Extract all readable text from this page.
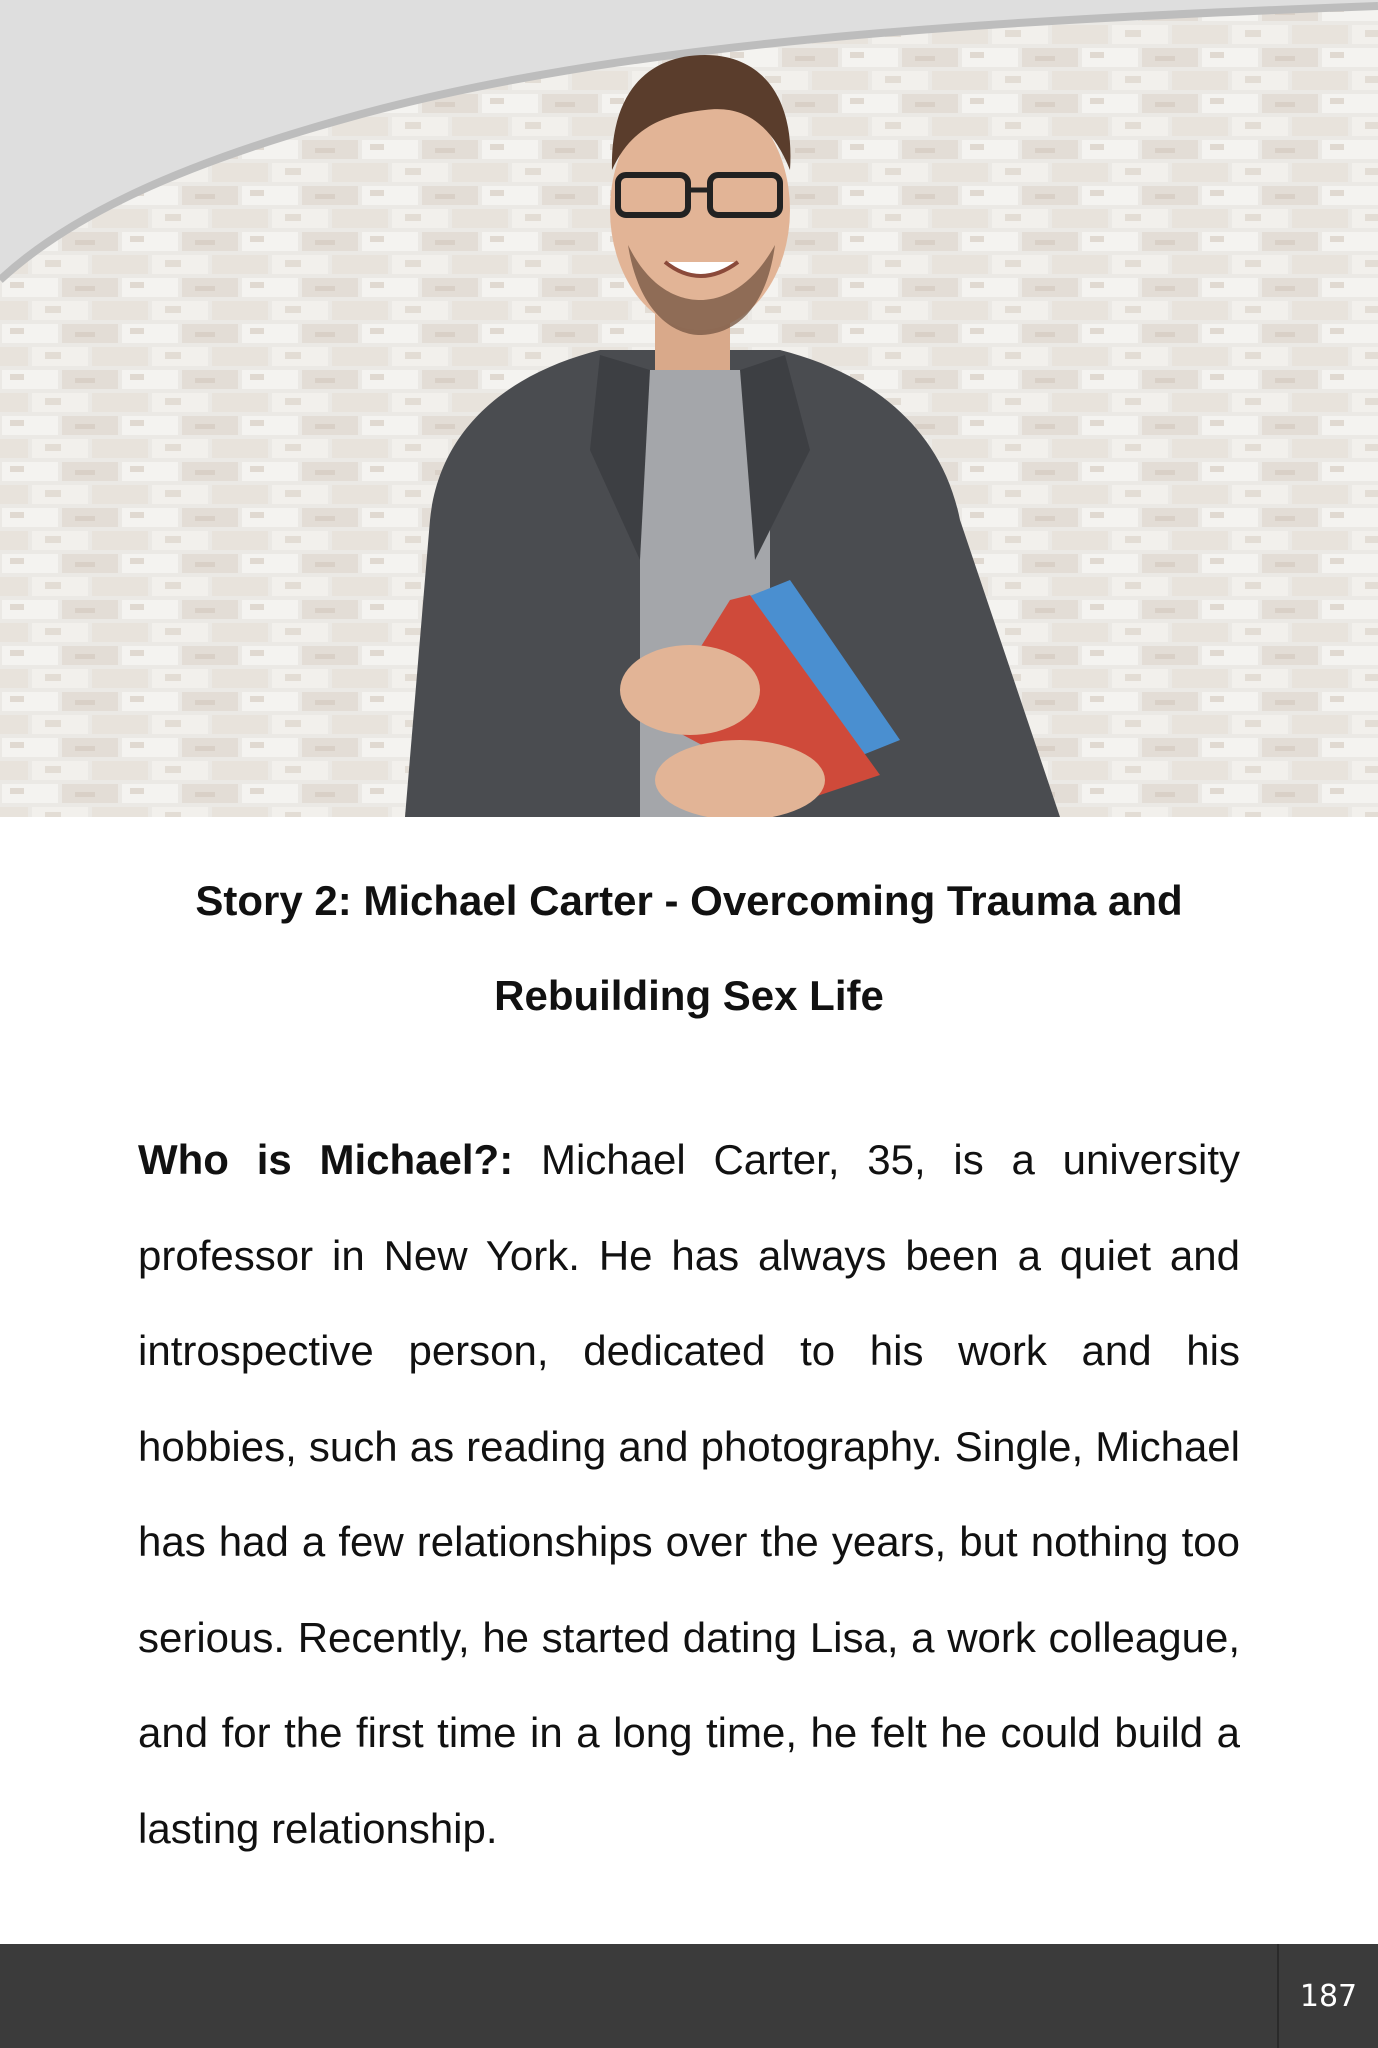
Story 2: Michael Carter - Overcoming Trauma and Rebuilding Sex Life

Who is Michael?: Michael Carter, 35, is a university professor in New York. He has always been a quiet and introspective person, dedicated to his work and his hobbies, such as reading and photography. Single, Michael has had a few relationships over the years, but nothing too serious. Recently, he started dating Lisa, a work colleague, and for the first time in a long time, he felt he could build a lasting relationship.

187
